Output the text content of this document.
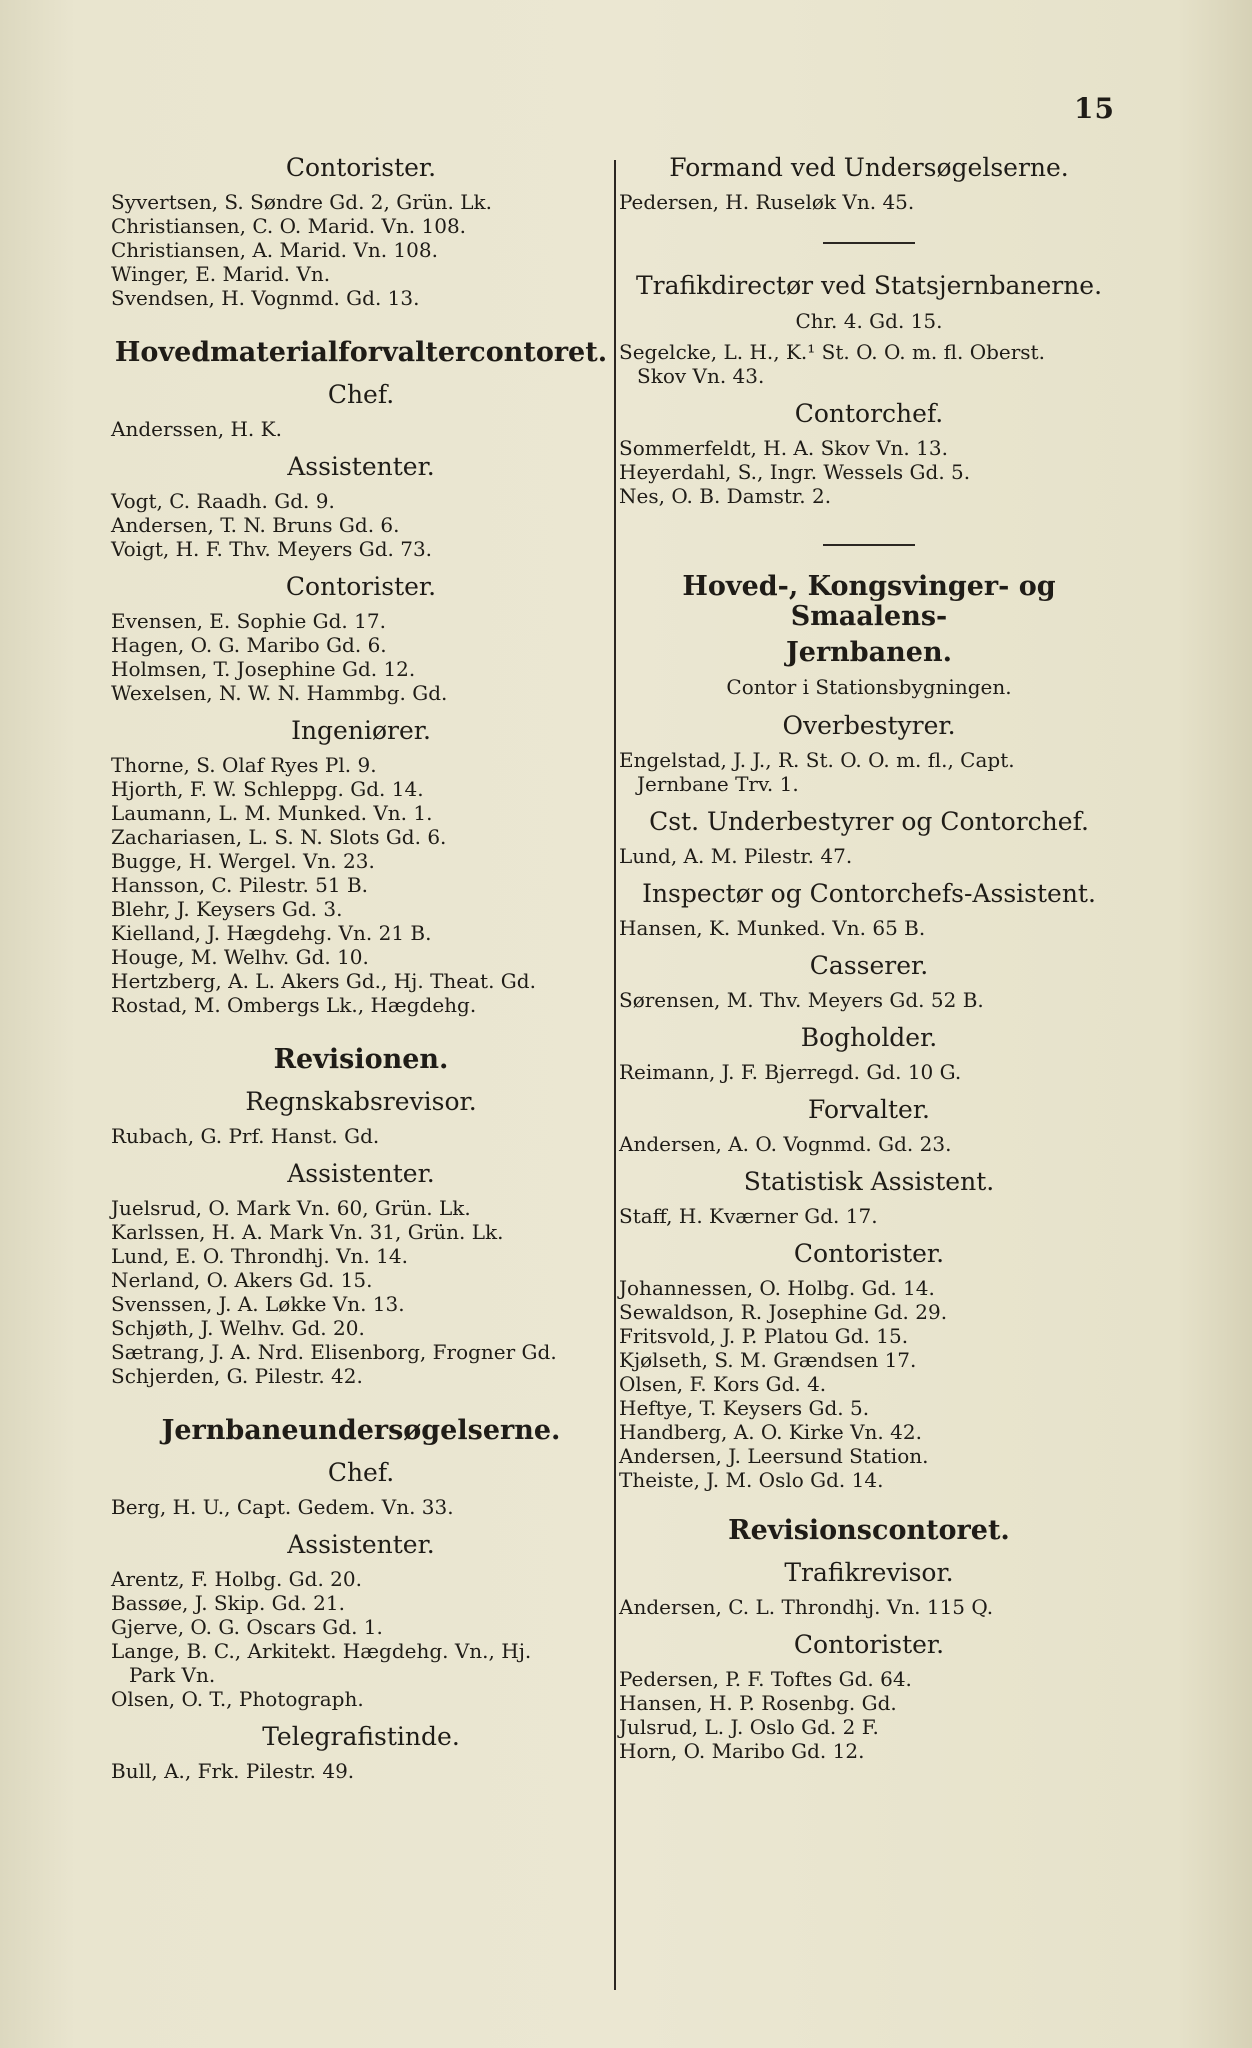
15
Contorister.

Syvertsen, S. Søndre Gd. 2, Grün. Lk.

Christiansen, C. O. Marid. Vn. 108.

Christiansen, A. Marid. Vn. 108.

Winger, E. Marid. Vn.

Svendsen, H. Vognmd. Gd. 13.

Hovedmaterialforvaltercontoret.
Chef.

Anderssen, H. K.

Assistenter.

Vogt, C. Raadh. Gd. 9.

Andersen, T. N. Bruns Gd. 6.

Voigt, H. F. Thv. Meyers Gd. 73.

Contorister.

Evensen, E. Sophie Gd. 17.

Hagen, O. G. Maribo Gd. 6.

Holmsen, T. Josephine Gd. 12.

Wexelsen, N. W. N. Hammbg. Gd.

Ingeniører.

Thorne, S. Olaf Ryes Pl. 9.

Hjorth, F. W. Schleppg. Gd. 14.

Laumann, L. M. Munked. Vn. 1.

Zachariasen, L. S. N. Slots Gd. 6.

Bugge, H. Wergel. Vn. 23.

Hansson, C. Pilestr. 51 B.

Blehr, J. Keysers Gd. 3.

Kielland, J. Hægdehg. Vn. 21 B.

Houge, M. Welhv. Gd. 10.

Hertzberg, A. L. Akers Gd., Hj. Theat. Gd.

Rostad, M. Ombergs Lk., Hægdehg.

Revisionen.
Regnskabsrevisor.

Rubach, G. Prf. Hanst. Gd.

Assistenter.

Juelsrud, O. Mark Vn. 60, Grün. Lk.

Karlssen, H. A. Mark Vn. 31, Grün. Lk.

Lund, E. O. Throndhj. Vn. 14.

Nerland, O. Akers Gd. 15.

Svenssen, J. A. Løkke Vn. 13.

Schjøth, J. Welhv. Gd. 20.

Sætrang, J. A. Nrd. Elisenborg, Frogner Gd.

Schjerden, G. Pilestr. 42.

Jernbaneundersøgelserne.
Chef.

Berg, H. U., Capt. Gedem. Vn. 33.

Assistenter.

Arentz, F. Holbg. Gd. 20.

Bassøe, J. Skip. Gd. 21.

Gjerve, O. G. Oscars Gd. 1.

Lange, B. C., Arkitekt. Hægdehg. Vn., Hj.

Park Vn.

Olsen, O. T., Photograph.

Telegrafistinde.

Bull, A., Frk. Pilestr. 49.

Formand ved Undersøgelserne.

Pedersen, H. Ruseløk Vn. 45.

Trafikdirectør ved Statsjernbanerne.
Chr. 4. Gd. 15.

Segelcke, L. H., K.¹ St. O. O. m. fl. Oberst.

Skov Vn. 43.

Contorchef.

Sommerfeldt, H. A. Skov Vn. 13.

Heyerdahl, S., Ingr. Wessels Gd. 5.

Nes, O. B. Damstr. 2.

Hoved-, Kongsvinger- og Smaalens-
Jernbanen.
Contor i Stationsbygningen.
Overbestyrer.

Engelstad, J. J., R. St. O. O. m. fl., Capt.

Jernbane Trv. 1.

Cst. Underbestyrer og Contorchef.

Lund, A. M. Pilestr. 47.

Inspectør og Contorchefs-Assistent.

Hansen, K. Munked. Vn. 65 B.

Casserer.

Sørensen, M. Thv. Meyers Gd. 52 B.

Bogholder.

Reimann, J. F. Bjerregd. Gd. 10 G.

Forvalter.

Andersen, A. O. Vognmd. Gd. 23.

Statistisk Assistent.

Staff, H. Kværner Gd. 17.

Contorister.

Johannessen, O. Holbg. Gd. 14.

Sewaldson, R. Josephine Gd. 29.

Fritsvold, J. P. Platou Gd. 15.

Kjølseth, S. M. Grændsen 17.

Olsen, F. Kors Gd. 4.

Heftye, T. Keysers Gd. 5.

Handberg, A. O. Kirke Vn. 42.

Andersen, J. Leersund Station.

Theiste, J. M. Oslo Gd. 14.

Revisionscontoret.
Trafikrevisor.

Andersen, C. L. Throndhj. Vn. 115 Q.

Contorister.

Pedersen, P. F. Toftes Gd. 64.

Hansen, H. P. Rosenbg. Gd.

Julsrud, L. J. Oslo Gd. 2 F.

Horn, O. Maribo Gd. 12.
